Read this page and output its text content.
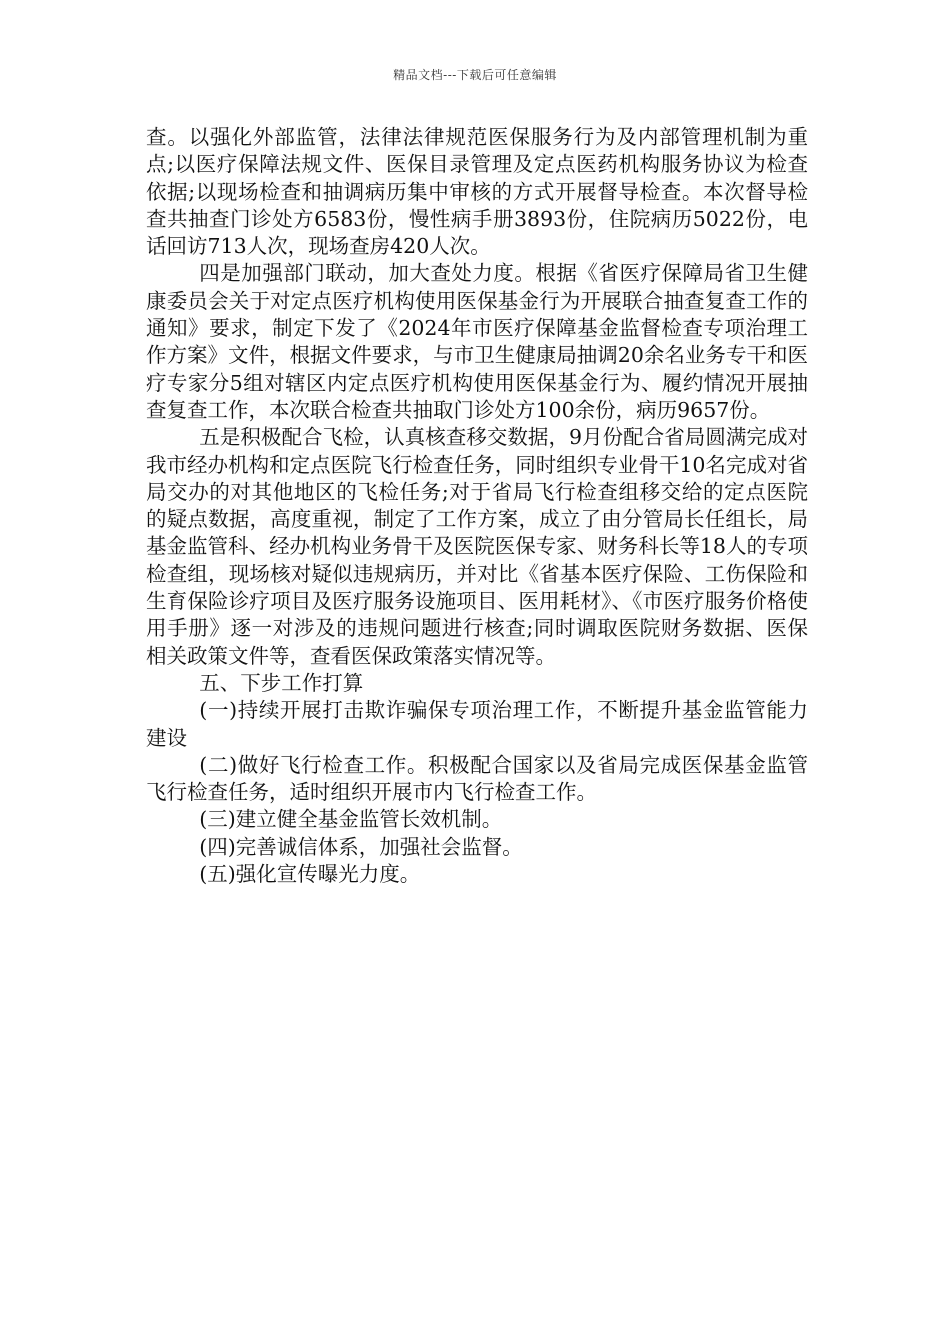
精品文档---下载后可任意编辑

查。以强化外部监管，法律法律规范医保服务行为及内部管理机制为重点;以医疗保障法规文件、医保目录管理及定点医药机构服务协议为检查依据;以现场检查和抽调病历集中审核的方式开展督导检查。本次督导检查共抽查门诊处方6583份，慢性病手册3893份，住院病历5022份，电话回访713人次，现场查房420人次。

四是加强部门联动，加大查处力度。根据《省医疗保障局省卫生健康委员会关于对定点医疗机构使用医保基金行为开展联合抽查复查工作的通知》要求，制定下发了《2024年市医疗保障基金监督检查专项治理工作方案》文件，根据文件要求，与市卫生健康局抽调20余名业务专干和医疗专家分5组对辖区内定点医疗机构使用医保基金行为、履约情况开展抽查复查工作，本次联合检查共抽取门诊处方100余份，病历9657份。

五是积极配合飞检，认真核查移交数据，9月份配合省局圆满完成对我市经办机构和定点医院飞行检查任务，同时组织专业骨干10名完成对省局交办的对其他地区的飞检任务;对于省局飞行检查组移交给的定点医院的疑点数据，高度重视，制定了工作方案，成立了由分管局长任组长，局基金监管科、经办机构业务骨干及医院医保专家、财务科长等18人的专项检查组，现场核对疑似违规病历，并对比《省基本医疗保险、工伤保险和生育保险诊疗项目及医疗服务设施项目、医用耗材》、《市医疗服务价格使用手册》逐一对涉及的违规问题进行核查;同时调取医院财务数据、医保相关政策文件等，查看医保政策落实情况等。

五、下步工作打算

(一)持续开展打击欺诈骗保专项治理工作，不断提升基金监管能力建设

(二)做好飞行检查工作。积极配合国家以及省局完成医保基金监管飞行检查任务，适时组织开展市内飞行检查工作。

(三)建立健全基金监管长效机制。

(四)完善诚信体系，加强社会监督。

(五)强化宣传曝光力度。
